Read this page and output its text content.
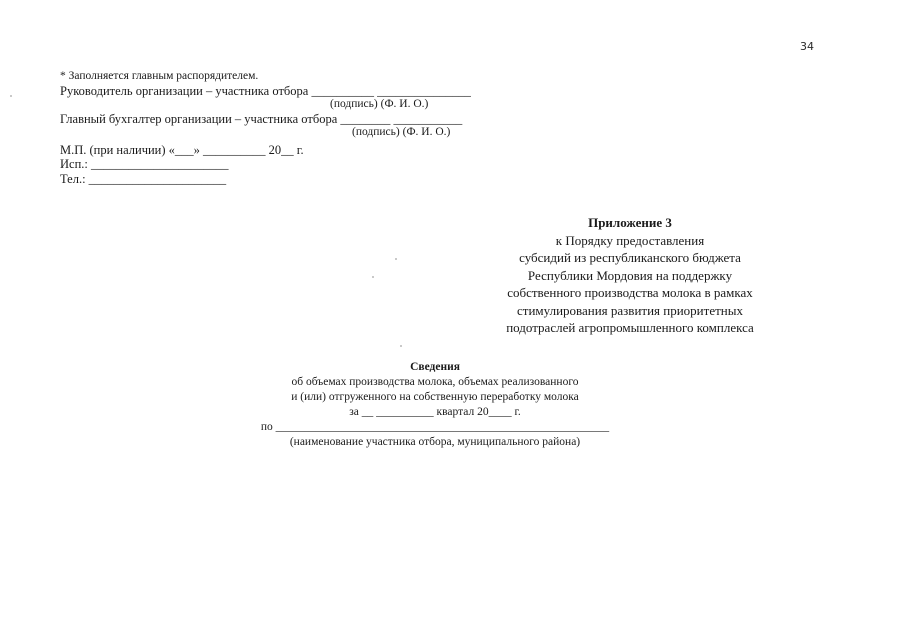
34
* Заполняется главным распорядителем.
Руководитель организации – участника отбора __________ _______________
(подпись) (Ф. И. О.)
Главный бухгалтер организации – участника отбора ________ ___________
(подпись) (Ф. И. О.)
М.П. (при наличии) «___» __________ 20__ г.
Исп.: ______________________
Тел.: ______________________
Приложение 3
к Порядку предоставления
субсидий из республиканского бюджета
Республики Мордовия на поддержку
собственного производства молока в рамках
стимулирования развития приоритетных
подотраслей агропромышленного комплекса
Сведения
об объемах производства молока, объемах реализованного
и (или) отгруженного на собственную переработку молока
за __ __________ квартал 20____ г.
по __________________________________________________________
(наименование участника отбора, муниципального района)
